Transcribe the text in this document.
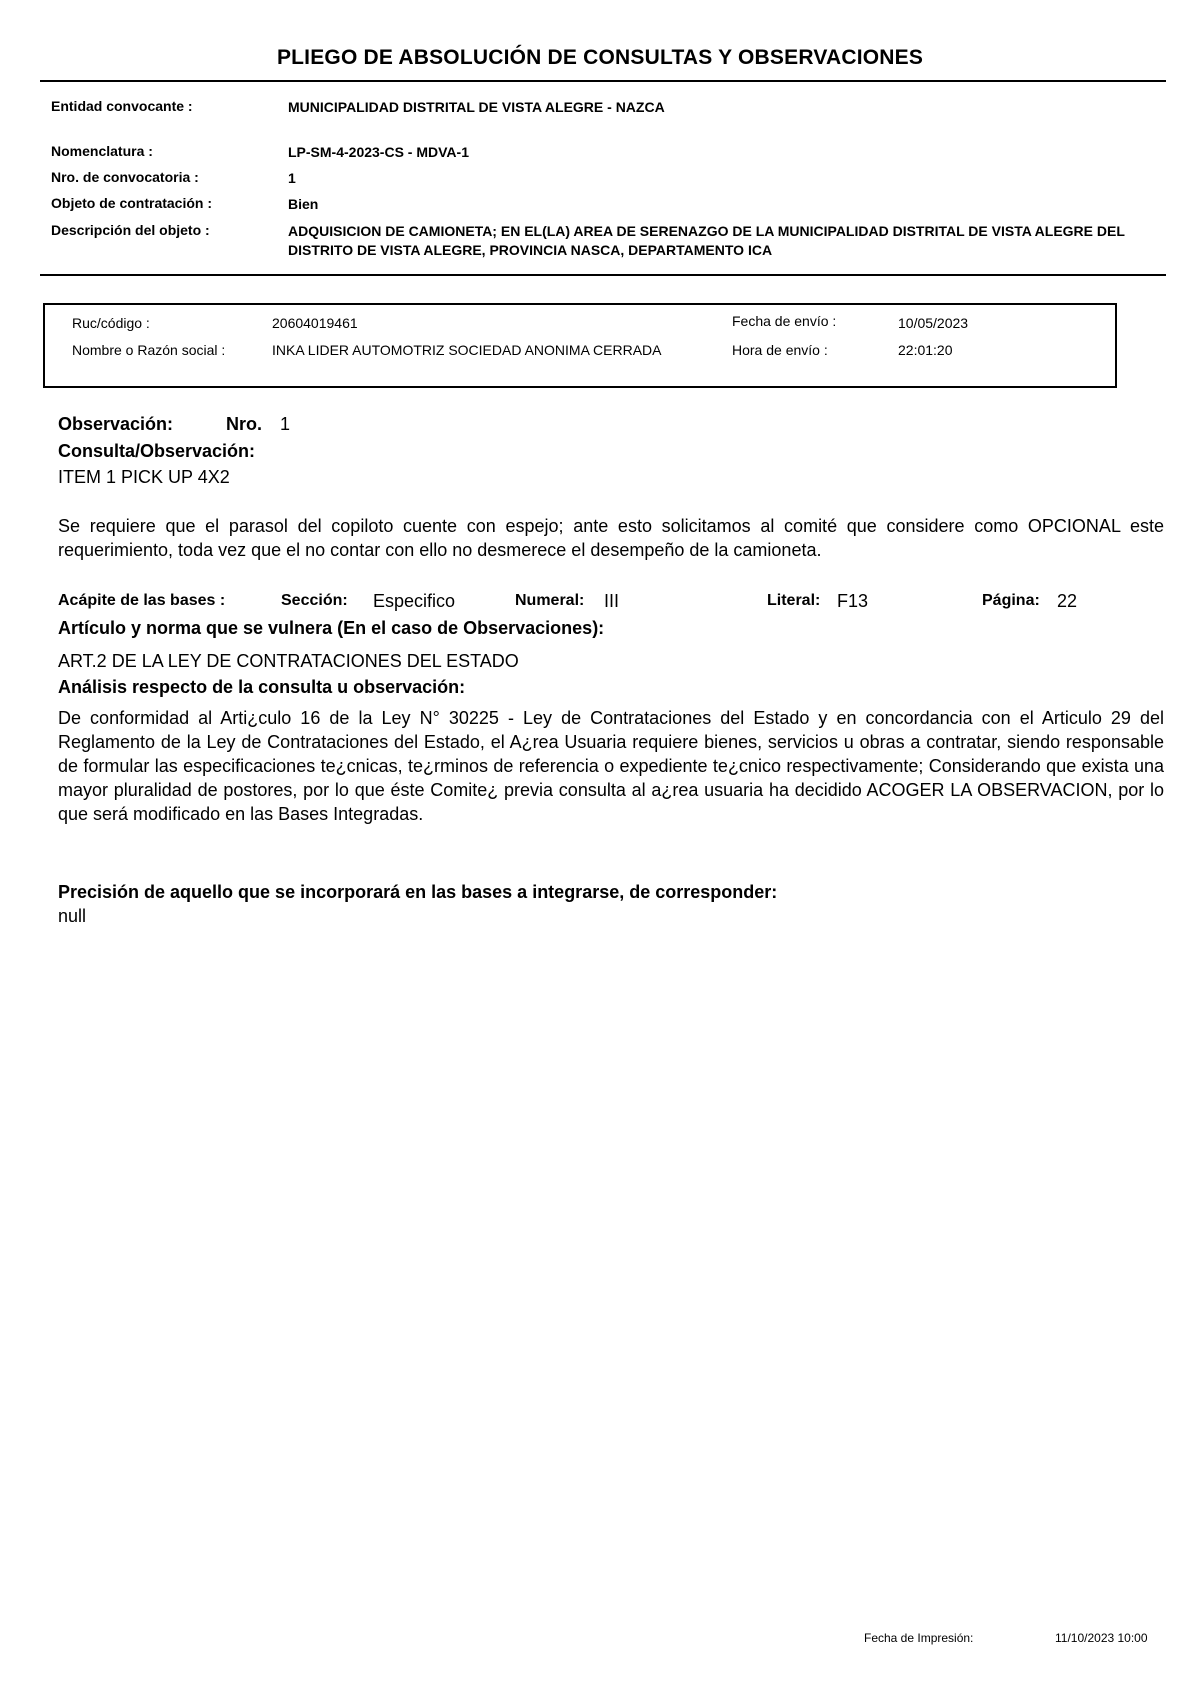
PLIEGO DE ABSOLUCIÓN DE CONSULTAS Y OBSERVACIONES
Entidad convocante :	MUNICIPALIDAD DISTRITAL DE VISTA ALEGRE - NAZCA
Nomenclatura :	LP-SM-4-2023-CS - MDVA-1
Nro. de convocatoria :	1
Objeto de contratación :	Bien
Descripción del objeto :	ADQUISICION DE CAMIONETA; EN EL(LA) AREA DE SERENAZGO DE LA MUNICIPALIDAD DISTRITAL DE VISTA ALEGRE DEL DISTRITO DE VISTA ALEGRE, PROVINCIA NASCA, DEPARTAMENTO ICA
Ruc/código :	20604019461
Nombre o Razón social :	INKA LIDER AUTOMOTRIZ SOCIEDAD ANONIMA CERRADA
Fecha de envío :	10/05/2023
Hora de envío :	22:01:20
Observación:	Nro. 1
Consulta/Observación:
ITEM 1 PICK UP 4X2
Se requiere que el parasol del copiloto cuente con espejo; ante esto solicitamos al comité que considere como OPCIONAL este requerimiento, toda vez que el no contar con ello no desmerece el desempeño de la camioneta.
Acápite de las bases :	Sección: Especifico	Numeral: III	Literal: F13	Página: 22
Artículo y norma que se vulnera (En el caso de Observaciones):
ART.2 DE LA LEY DE CONTRATACIONES DEL ESTADO
Análisis respecto de la consulta u observación:
De conformidad al Arti¿culo 16 de la Ley N° 30225 - Ley de Contrataciones del Estado y en concordancia con el Articulo 29 del Reglamento de la Ley de Contrataciones del Estado, el A¿rea Usuaria requiere bienes, servicios u obras a contratar, siendo responsable de formular las especificaciones te¿cnicas, te¿rminos de referencia o expediente te¿cnico respectivamente; Considerando que exista una mayor pluralidad de postores, por lo que éste Comite¿ previa consulta al a¿rea usuaria ha decidido ACOGER LA OBSERVACION, por lo que será modificado en las Bases Integradas.
Precisión de aquello que se incorporará en las bases a integrarse, de corresponder:
null
Fecha de Impresión:	11/10/2023 10:00
